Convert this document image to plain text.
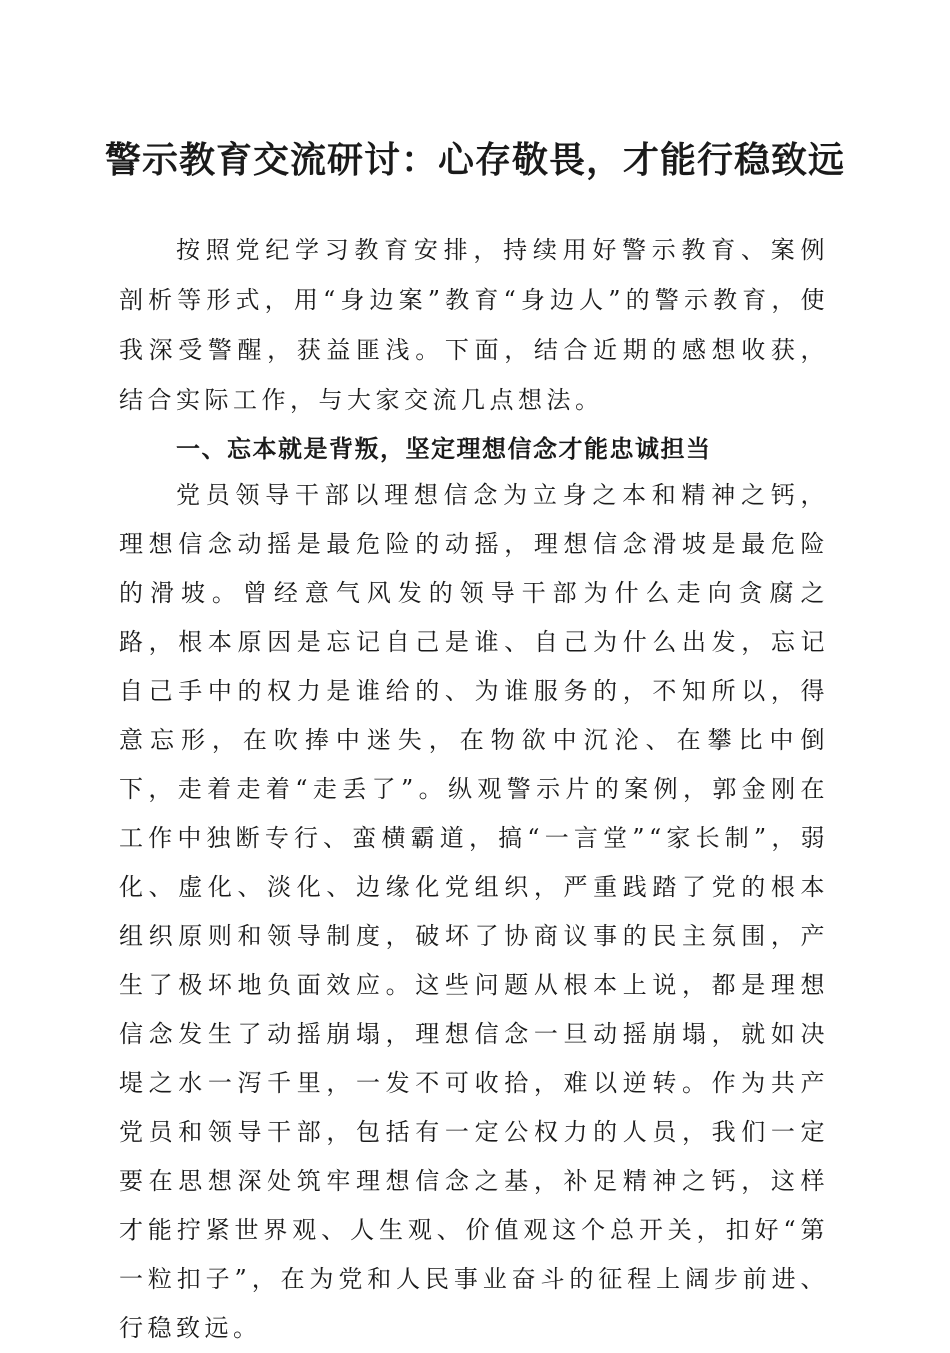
警示教育交流研讨：心存敬畏，才能行稳致远

按照党纪学习教育安排，持续用好警示教育、案例剖析等形式，用“身边案”教育“身边人”的警示教育，使我深受警醒，获益匪浅。下面，结合近期的感想收获，结合实际工作，与大家交流几点想法。

一、忘本就是背叛，坚定理想信念才能忠诚担当

党员领导干部以理想信念为立身之本和精神之钙，理想信念动摇是最危险的动摇，理想信念滑坡是最危险的滑坡。曾经意气风发的领导干部为什么走向贪腐之路，根本原因是忘记自己是谁、自己为什么出发，忘记自己手中的权力是谁给的、为谁服务的，不知所以，得意忘形，在吹捧中迷失，在物欲中沉沦、在攀比中倒下，走着走着“走丢了”。纵观警示片的案例，郭金刚在工作中独断专行、蛮横霸道，搞“一言堂”“家长制”，弱化、虚化、淡化、边缘化党组织，严重践踏了党的根本组织原则和领导制度，破坏了协商议事的民主氛围，产生了极坏地负面效应。这些问题从根本上说，都是理想信念发生了动摇崩塌，理想信念一旦动摇崩塌，就如决堤之水一泻千里，一发不可收拾，难以逆转。作为共产党员和领导干部，包括有一定公权力的人员，我们一定要在思想深处筑牢理想信念之基，补足精神之钙，这样才能拧紧世界观、人生观、价值观这个总开关，扣好“第一粒扣子”，在为党和人民事业奋斗的征程上阔步前进、行稳致远。
